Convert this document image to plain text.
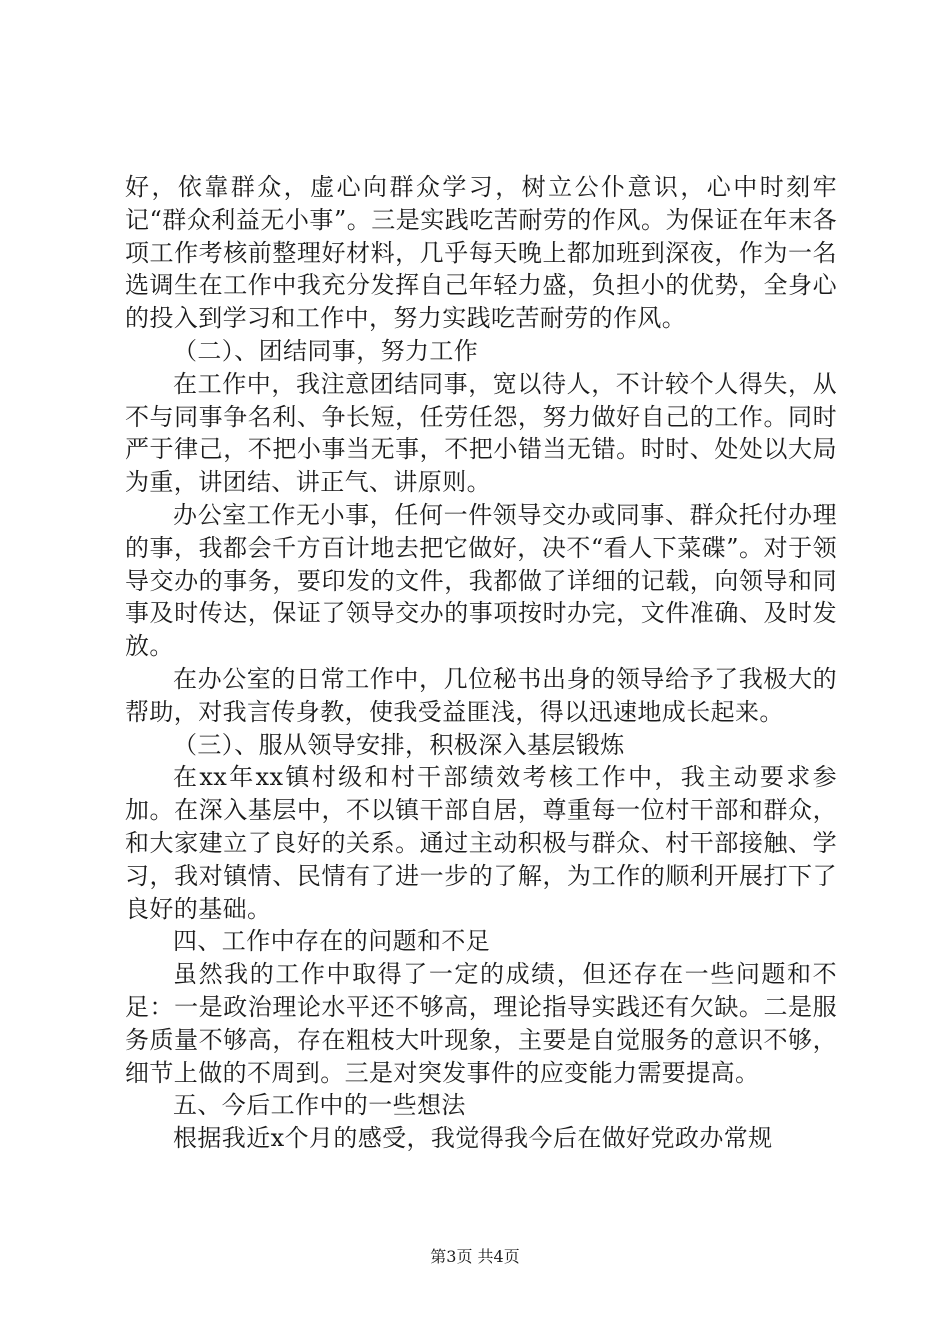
好，依靠群众，虚心向群众学习，树立公仆意识，心中时刻牢记“群众利益无小事”。三是实践吃苦耐劳的作风。为保证在年末各项工作考核前整理好材料，几乎每天晚上都加班到深夜，作为一名选调生在工作中我充分发挥自己年轻力盛，负担小的优势，全身心的投入到学习和工作中，努力实践吃苦耐劳的作风。

（二）、团结同事，努力工作

在工作中，我注意团结同事，宽以待人，不计较个人得失，从不与同事争名利、争长短，任劳任怨，努力做好自己的工作。同时严于律己，不把小事当无事，不把小错当无错。时时、处处以大局为重，讲团结、讲正气、讲原则。

办公室工作无小事，任何一件领导交办或同事、群众托付办理的事，我都会千方百计地去把它做好，决不“看人下菜碟”。对于领导交办的事务，要印发的文件，我都做了详细的记载，向领导和同事及时传达，保证了领导交办的事项按时办完，文件准确、及时发放。

在办公室的日常工作中，几位秘书出身的领导给予了我极大的帮助，对我言传身教，使我受益匪浅，得以迅速地成长起来。

（三）、服从领导安排，积极深入基层锻炼

在xx年xx镇村级和村干部绩效考核工作中，我主动要求参加。在深入基层中，不以镇干部自居，尊重每一位村干部和群众，和大家建立了良好的关系。通过主动积极与群众、村干部接触、学习，我对镇情、民情有了进一步的了解，为工作的顺利开展打下了良好的基础。

四、工作中存在的问题和不足

虽然我的工作中取得了一定的成绩，但还存在一些问题和不足：一是政治理论水平还不够高，理论指导实践还有欠缺。二是服务质量不够高，存在粗枝大叶现象，主要是自觉服务的意识不够，细节上做的不周到。三是对突发事件的应变能力需要提高。

五、今后工作中的一些想法

根据我近x个月的感受，我觉得我今后在做好党政办常规

第3页 共4页
